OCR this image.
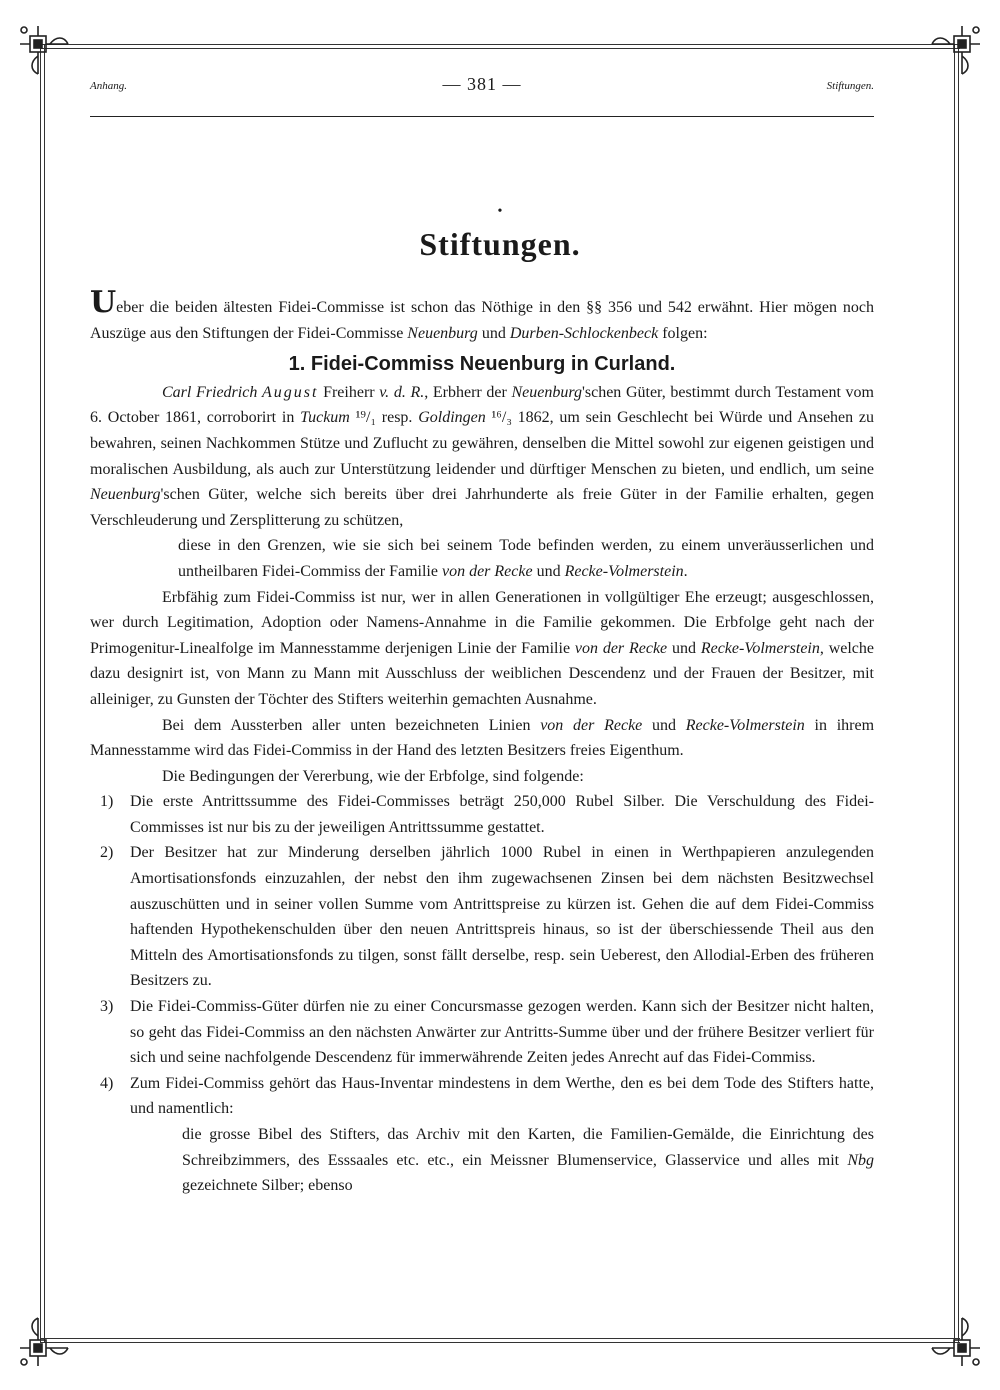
Anhang.	— 381 —	Stiftungen.
•
Stiftungen.

Ueber die beiden ältesten Fidei-Commisse ist schon das Nöthige in den §§ 356 und 542 erwähnt. Hier mögen noch Auszüge aus den Stiftungen der Fidei-Commisse Neuenburg und Durben-Schlockenbeck folgen:

1. Fidei-Commiss Neuenburg in Curland.

Carl Friedrich August Freiherr v. d. R., Erbherr der Neuenburg'schen Güter, bestimmt durch Testament vom 6. October 1861, corroborirt in Tuckum ¹⁹/₁ resp. Goldingen ¹⁶/₃ 1862, um sein Geschlecht bei Würde und Ansehen zu bewahren, seinen Nachkommen Stütze und Zuflucht zu gewähren, denselben die Mittel sowohl zur eigenen geistigen und moralischen Ausbildung, als auch zur Unterstützung leidender und dürftiger Menschen zu bieten, und endlich, um seine Neuenburg'schen Güter, welche sich bereits über drei Jahrhunderte als freie Güter in der Familie erhalten, gegen Verschleuderung und Zersplitterung zu schützen,

diese in den Grenzen, wie sie sich bei seinem Tode befinden werden, zu einem unveräusserlichen und untheilbaren Fidei-Commiss der Familie von der Recke und Recke-Volmerstein.

Erbfähig zum Fidei-Commiss ist nur, wer in allen Generationen in vollgültiger Ehe erzeugt; ausgeschlossen, wer durch Legitimation, Adoption oder Namens-Annahme in die Familie gekommen. Die Erbfolge geht nach der Primogenitur-Linealfolge im Mannesstamme derjenigen Linie der Familie von der Recke und Recke-Volmerstein, welche dazu designirt ist, von Mann zu Mann mit Ausschluss der weiblichen Descendenz und der Frauen der Besitzer, mit alleiniger, zu Gunsten der Töchter des Stifters weiterhin gemachten Ausnahme.

Bei dem Aussterben aller unten bezeichneten Linien von der Recke und Recke-Volmerstein in ihrem Mannesstamme wird das Fidei-Commiss in der Hand des letzten Besitzers freies Eigenthum.

Die Bedingungen der Vererbung, wie der Erbfolge, sind folgende:

1) Die erste Antrittssumme des Fidei-Commisses beträgt 250,000 Rubel Silber. Die Verschuldung des Fidei-Commisses ist nur bis zu der jeweiligen Antrittssumme gestattet.
2) Der Besitzer hat zur Minderung derselben jährlich 1000 Rubel in einen in Werthpapieren anzulegenden Amortisationsfonds einzuzahlen, der nebst den ihm zugewachsenen Zinsen bei dem nächsten Besitzwechsel auszuschütten und in seiner vollen Summe vom Antrittspreise zu kürzen ist. Gehen die auf dem Fidei-Commiss haftenden Hypothekenschulden über den neuen Antrittspreis hinaus, so ist der überschiessende Theil aus den Mitteln des Amortisationsfonds zu tilgen, sonst fällt derselbe, resp. sein Ueberest, den Allodial-Erben des früheren Besitzers zu.
3) Die Fidei-Commiss-Güter dürfen nie zu einer Concursmasse gezogen werden. Kann sich der Besitzer nicht halten, so geht das Fidei-Commiss an den nächsten Anwärter zur Antritts-Summe über und der frühere Besitzer verliert für sich und seine nachfolgende Descendenz für immerwährende Zeiten jedes Anrecht auf das Fidei-Commiss.
4) Zum Fidei-Commiss gehört das Haus-Inventar mindestens in dem Werthe, den es bei dem Tode des Stifters hatte, und namentlich:

die grosse Bibel des Stifters, das Archiv mit den Karten, die Familien-Gemälde, die Einrichtung des Schreibzimmers, des Esssaales etc. etc., ein Meissner Blumenservice, Glasservice und alles mit Nbg gezeichnete Silber; ebenso
